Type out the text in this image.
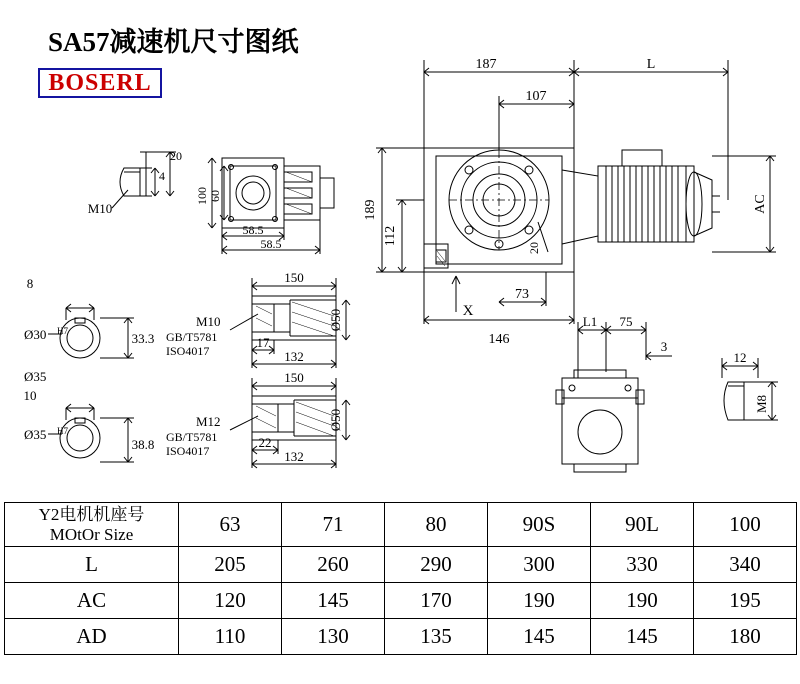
SA57减速机尺寸图纸
BOSERL
187	L
107
189
112
AC
146
73
X
20
20
4
M10
100 60
58.5
58.5
8
Ø30 H7	33.3
Ø35
10
Ø35 H7
38.8
150
17
132
Ø50
M10
GB/T5781
ISO4017
150
22
132
Ø50
M12
GB/T5781
ISO4017
L1 75
3
12
M8
Y2电机机座号
MOtOr Size	63	71	80	90S	90L	100
L	205	260	290	300	330	340
AC	120	145	170	190	190	195
AD	110	130	135	145	145	180
